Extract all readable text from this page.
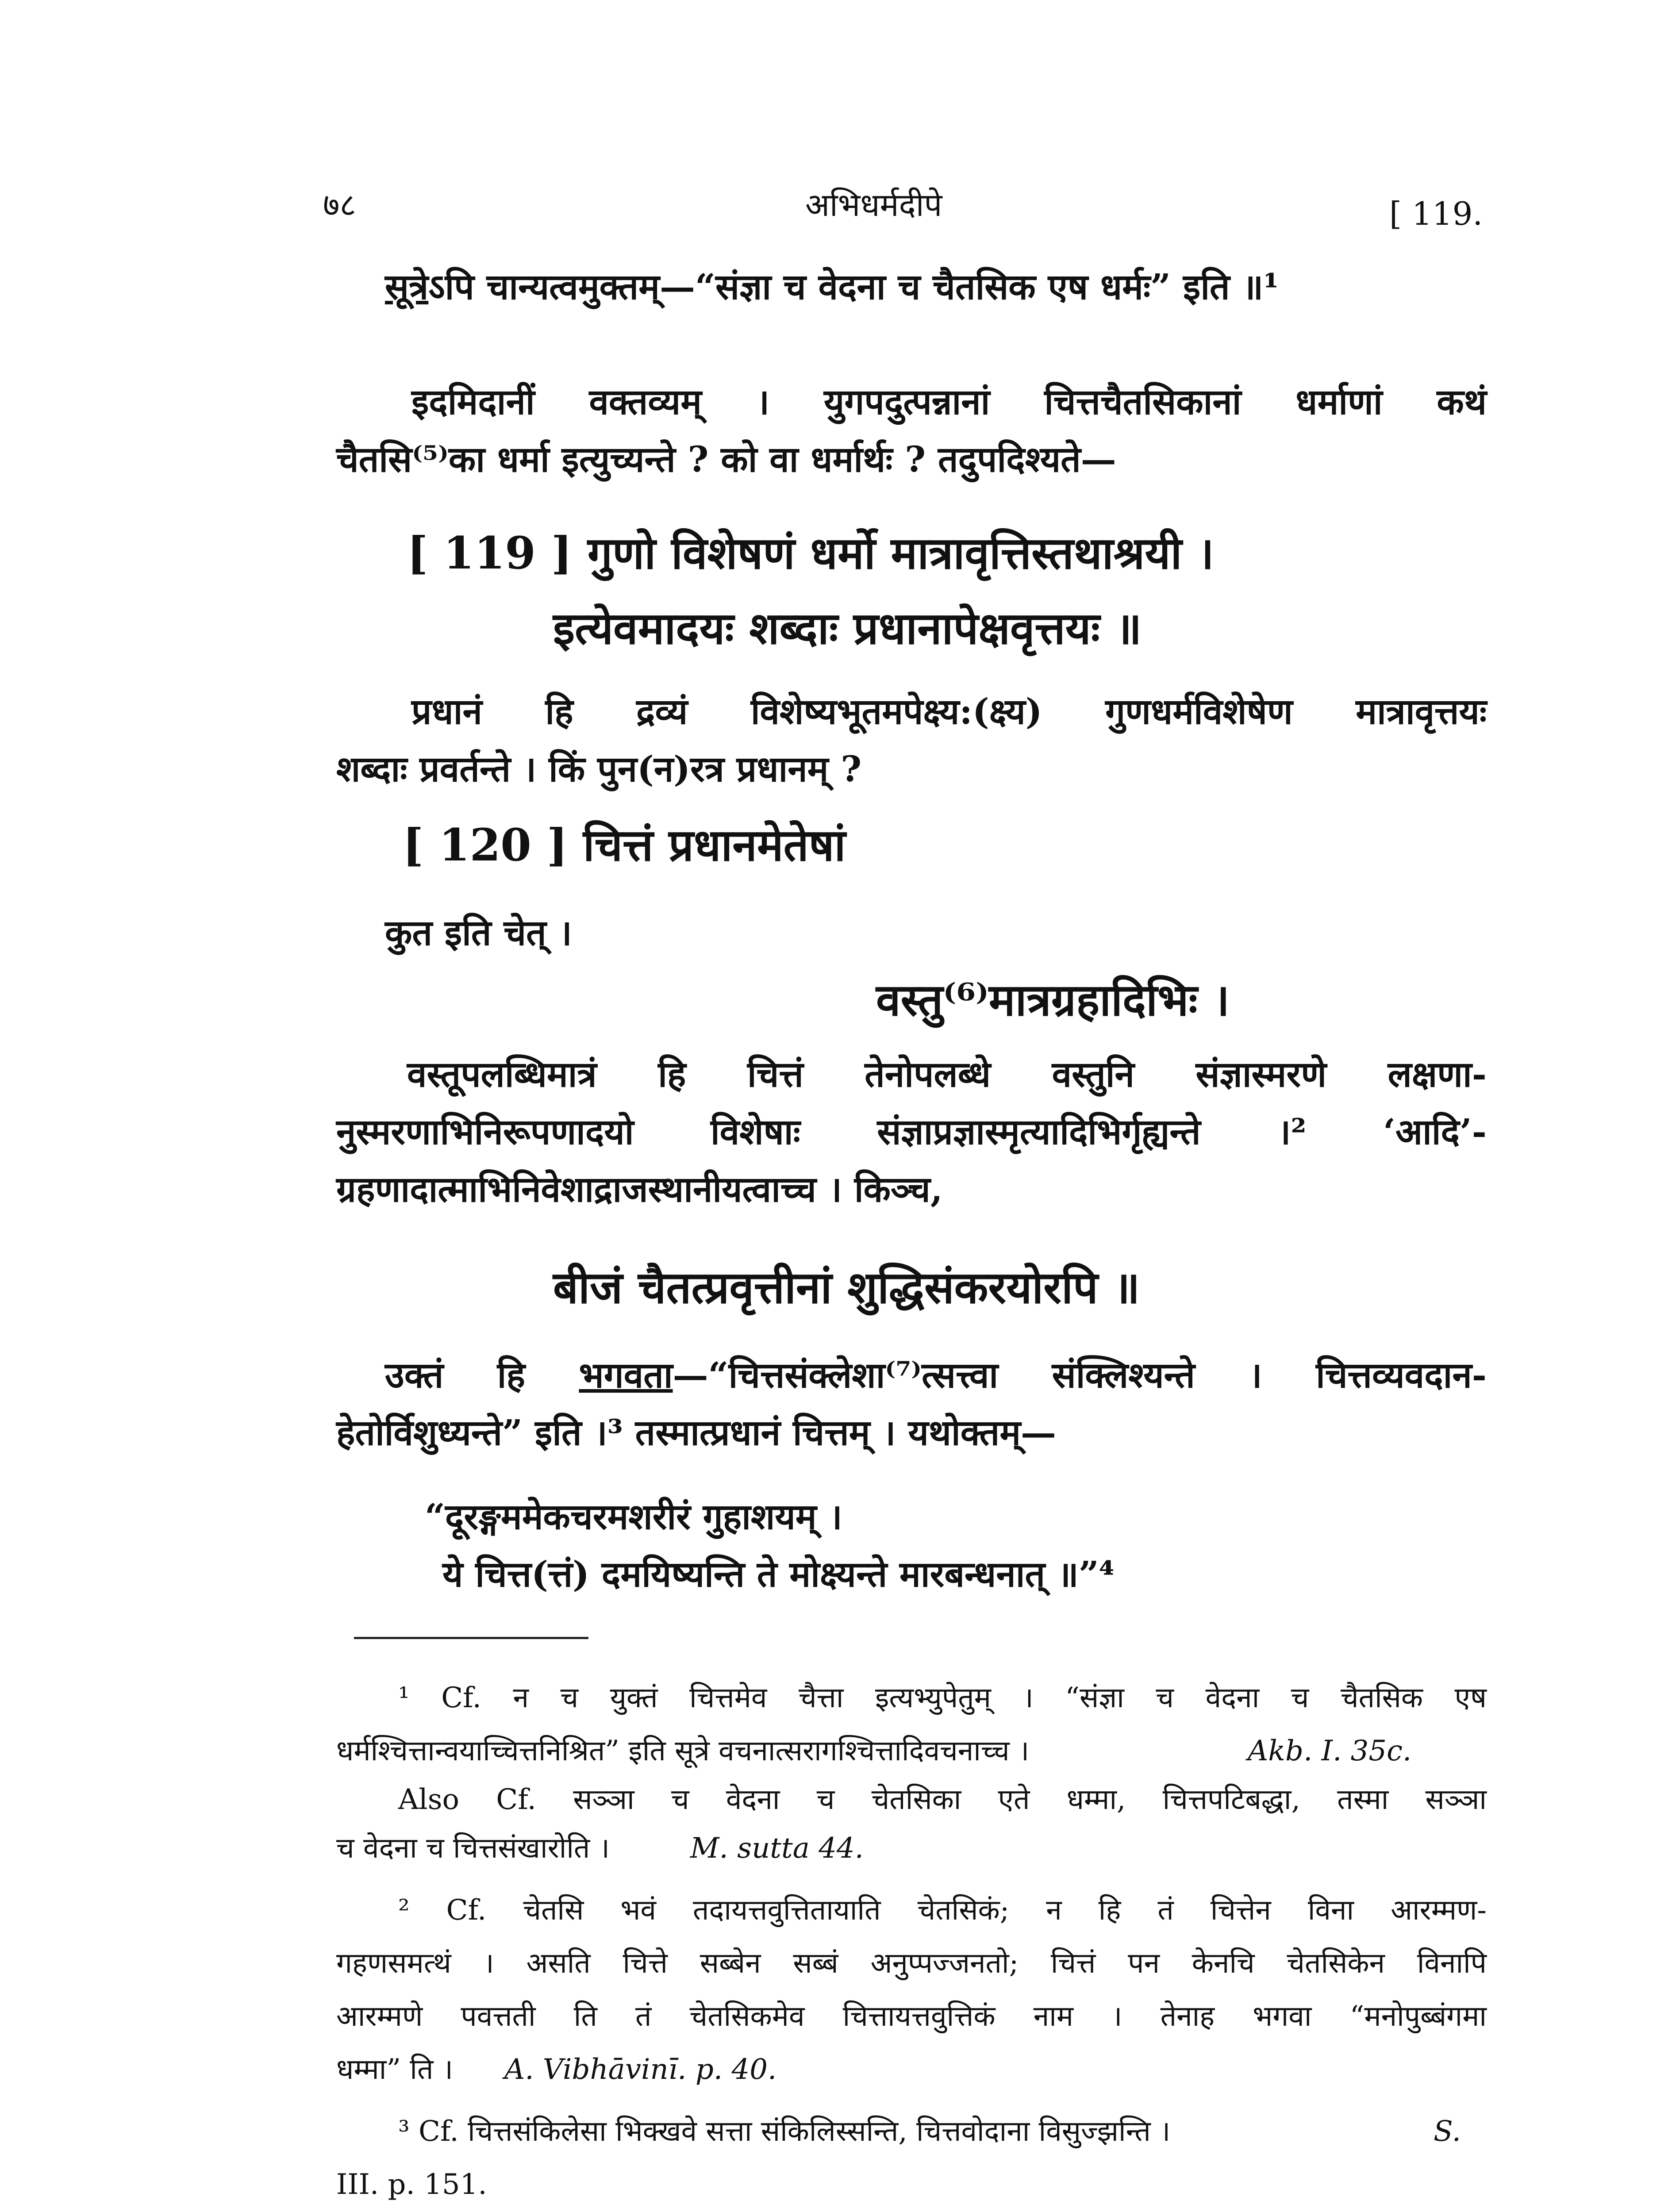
७८	अभिधर्मदीपे	[ 119.
सूत्रेऽपि चान्यत्वमुक्तम्—“संज्ञा च वेदना च चैतसिक एष धर्मः” इति ॥¹
इदमिदानीं वक्तव्यम् । युगपदुत्पन्नानां चित्तचैतसिकानां धर्माणां कथं
चैतसि⁽⁵⁾का धर्मा इत्युच्यन्ते ? को वा धर्मार्थः ? तदुपदिश्यते—
[ 119 ] गुणो विशेषणं धर्मो मात्रावृत्तिस्तथाश्रयी ।
इत्येवमादयः शब्दाः प्रधानापेक्षवृत्तयः ॥
प्रधानं हि द्रव्यं विशेष्यभूतमपेक्ष्य:(क्ष्य) गुणधर्मविशेषेण मात्रावृत्तयः
शब्दाः प्रवर्तन्ते । किं पुन(न)रत्र प्रधानम् ?
[ 120 ] चित्तं प्रधानमेतेषां
कुत इति चेत् ।
वस्तु⁽⁶⁾मात्रग्रहादिभिः ।
वस्तूपलब्धिमात्रं हि चित्तं तेनोपलब्धे वस्तुनि संज्ञास्मरणे लक्षणा-
नुस्मरणाभिनिरूपणादयो विशेषाः संज्ञाप्रज्ञास्मृत्यादिभिर्गृह्यन्ते ।² ‘आदि’-
ग्रहणादात्माभिनिवेशाद्राजस्थानीयत्वाच्च । किञ्च,
बीजं चैतत्प्रवृत्तीनां शुद्धिसंकरयोरपि ॥
उक्तं हि भगवता—“चित्तसंक्लेशा⁽⁷⁾त्सत्त्वा संक्लिश्यन्ते । चित्तव्यवदान-
हेतोर्विशुध्यन्ते” इति ।³ तस्मात्प्रधानं चित्तम् । यथोक्तम्—
“दूरङ्गममेकचरमशरीरं गुहाशयम् ।
ये चित्त(त्तं) दमयिष्यन्ति ते मोक्ष्यन्ते मारबन्धनात् ॥”⁴
¹ Cf. न च युक्तं चित्तमेव चैत्ता इत्यभ्युपेतुम् । “संज्ञा च वेदना च चैतसिक एष
धर्मश्चित्तान्वयाच्चित्तनिश्रित” इति सूत्रे वचनात्सरागश्चित्तादिवचनाच्च ।	Akb. I. 35c.
Also Cf. सञ्ञा च वेदना च चेतसिका एते धम्मा, चित्तपटिबद्धा, तस्मा सञ्ञा
च वेदना च चित्तसंखारोति ।	M. sutta 44.
² Cf. चेतसि भवं तदायत्तवुत्तितायाति चेतसिकं; न हि तं चित्तेन विना आरम्मण-
गहणसमत्थं । असति चित्ते सब्बेन सब्बं अनुप्पज्जनतो; चित्तं पन केनचि चेतसिकेन विनापि
आरम्मणे पवत्तती ति तं चेतसिकमेव चित्तायत्तवुत्तिकं नाम । तेनाह भगवा “मनोपुब्बंगमा
धम्मा” ति । A. Vibhāvinī. p. 40.
³ Cf. चित्तसंकिलेसा भिक्खवे सत्ता संकिलिस्सन्ति, चित्तवोदाना विसुज्झन्ति ।	S.
III. p. 151.
